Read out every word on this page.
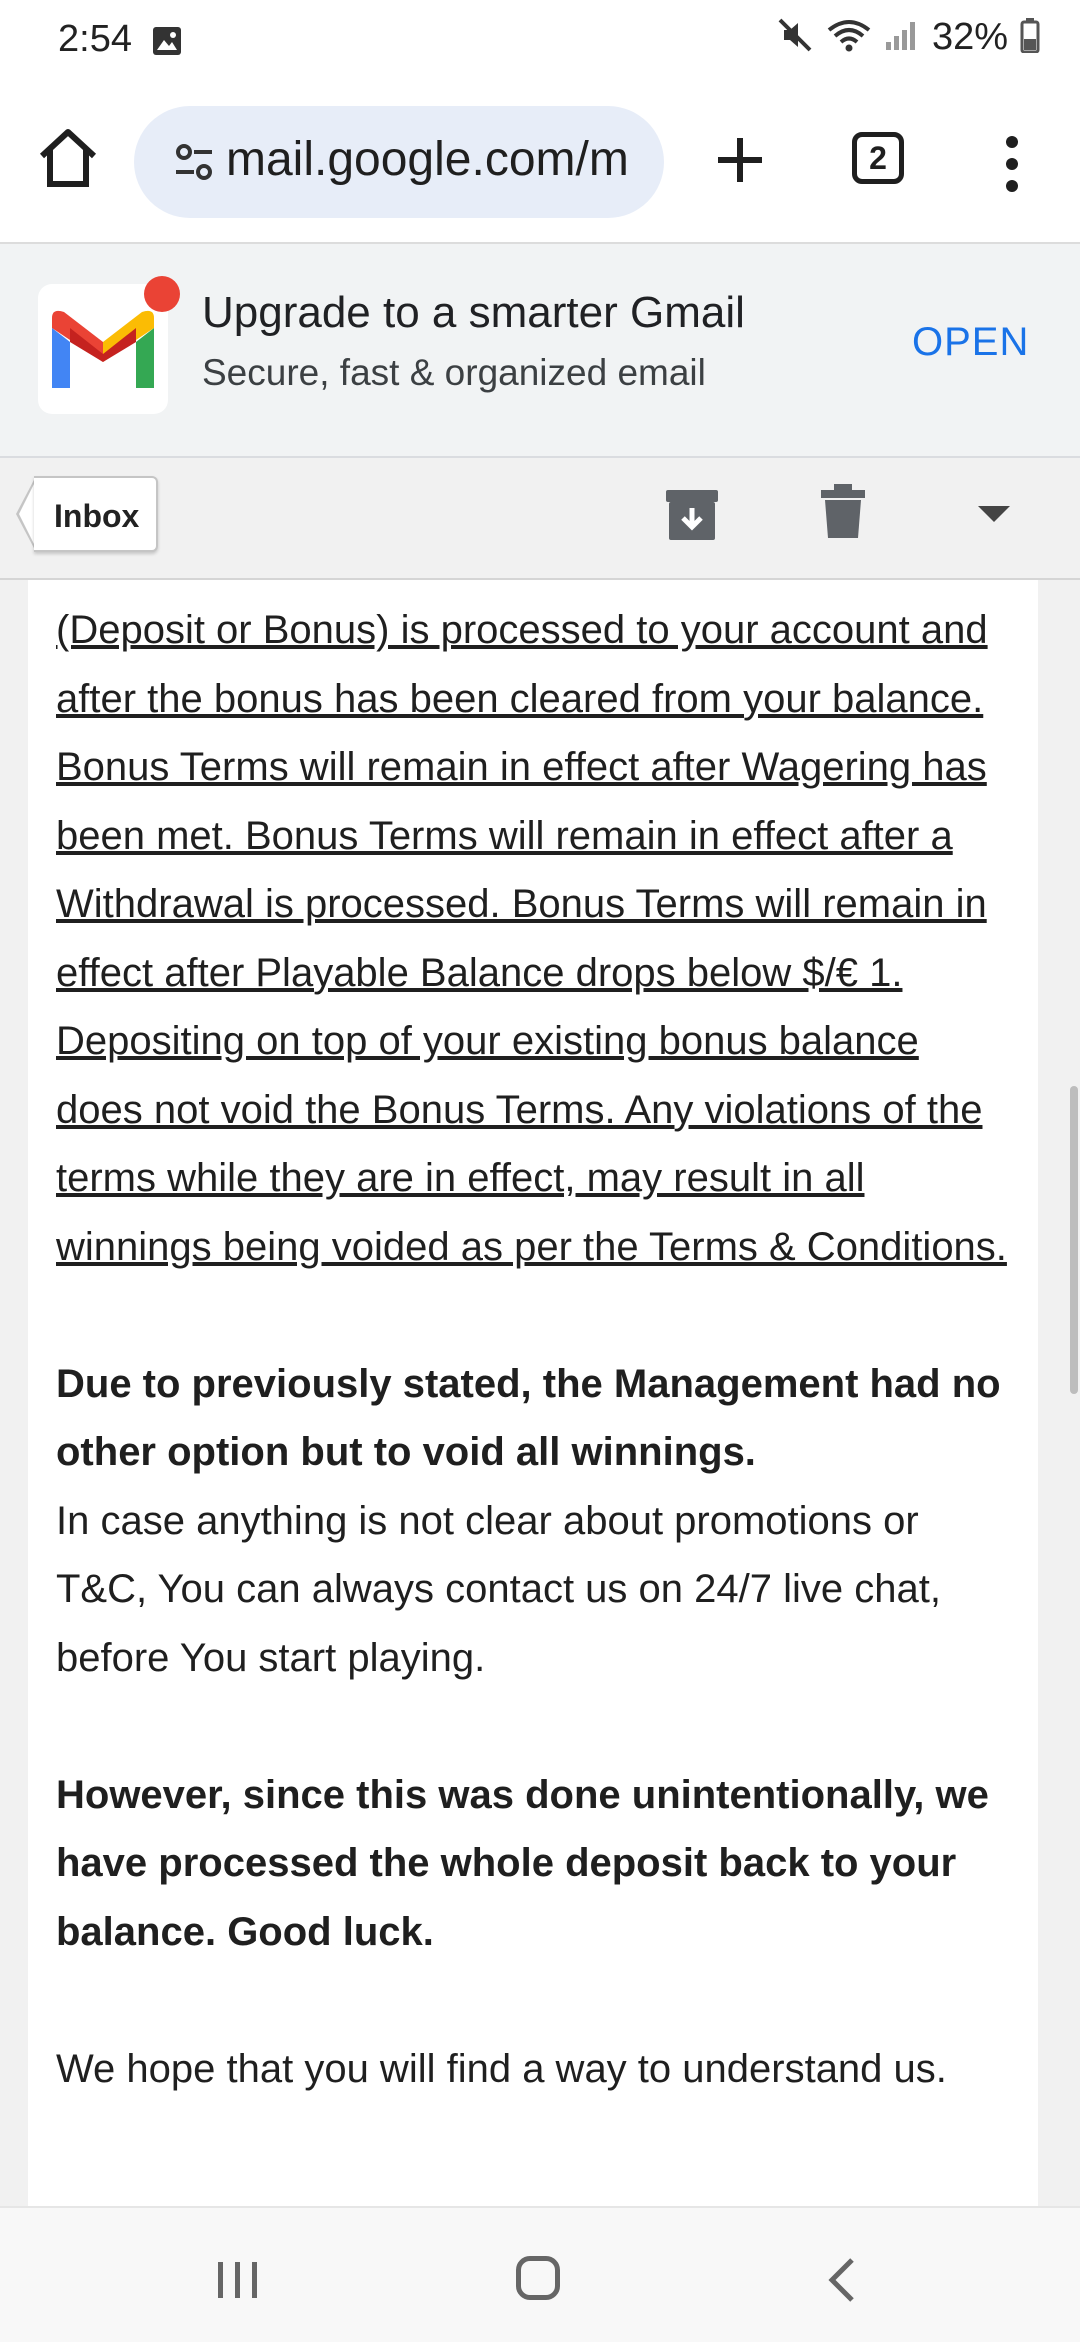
2:54	32%
mail.google.com/m	2
Upgrade to a smarter Gmail
Secure, fast & organized email
OPEN
Inbox

(Deposit or Bonus) is processed to your account and after the bonus has been cleared from your balance. Bonus Terms will remain in effect after Wagering has been met. Bonus Terms will remain in effect after a Withdrawal is processed. Bonus Terms will remain in effect after Playable Balance drops below $/€ 1. Depositing on top of your existing bonus balance does not void the Bonus Terms. Any violations of the terms while they are in effect, may result in all winnings being voided as per the Terms & Conditions.

Due to previously stated, the Management had no other option but to void all winnings.

In case anything is not clear about promotions or T&C, You can always contact us on 24/7 live chat, before You start playing.

However, since this was done unintentionally, we have processed the whole deposit back to your balance. Good luck.

We hope that you will find a way to understand us.
